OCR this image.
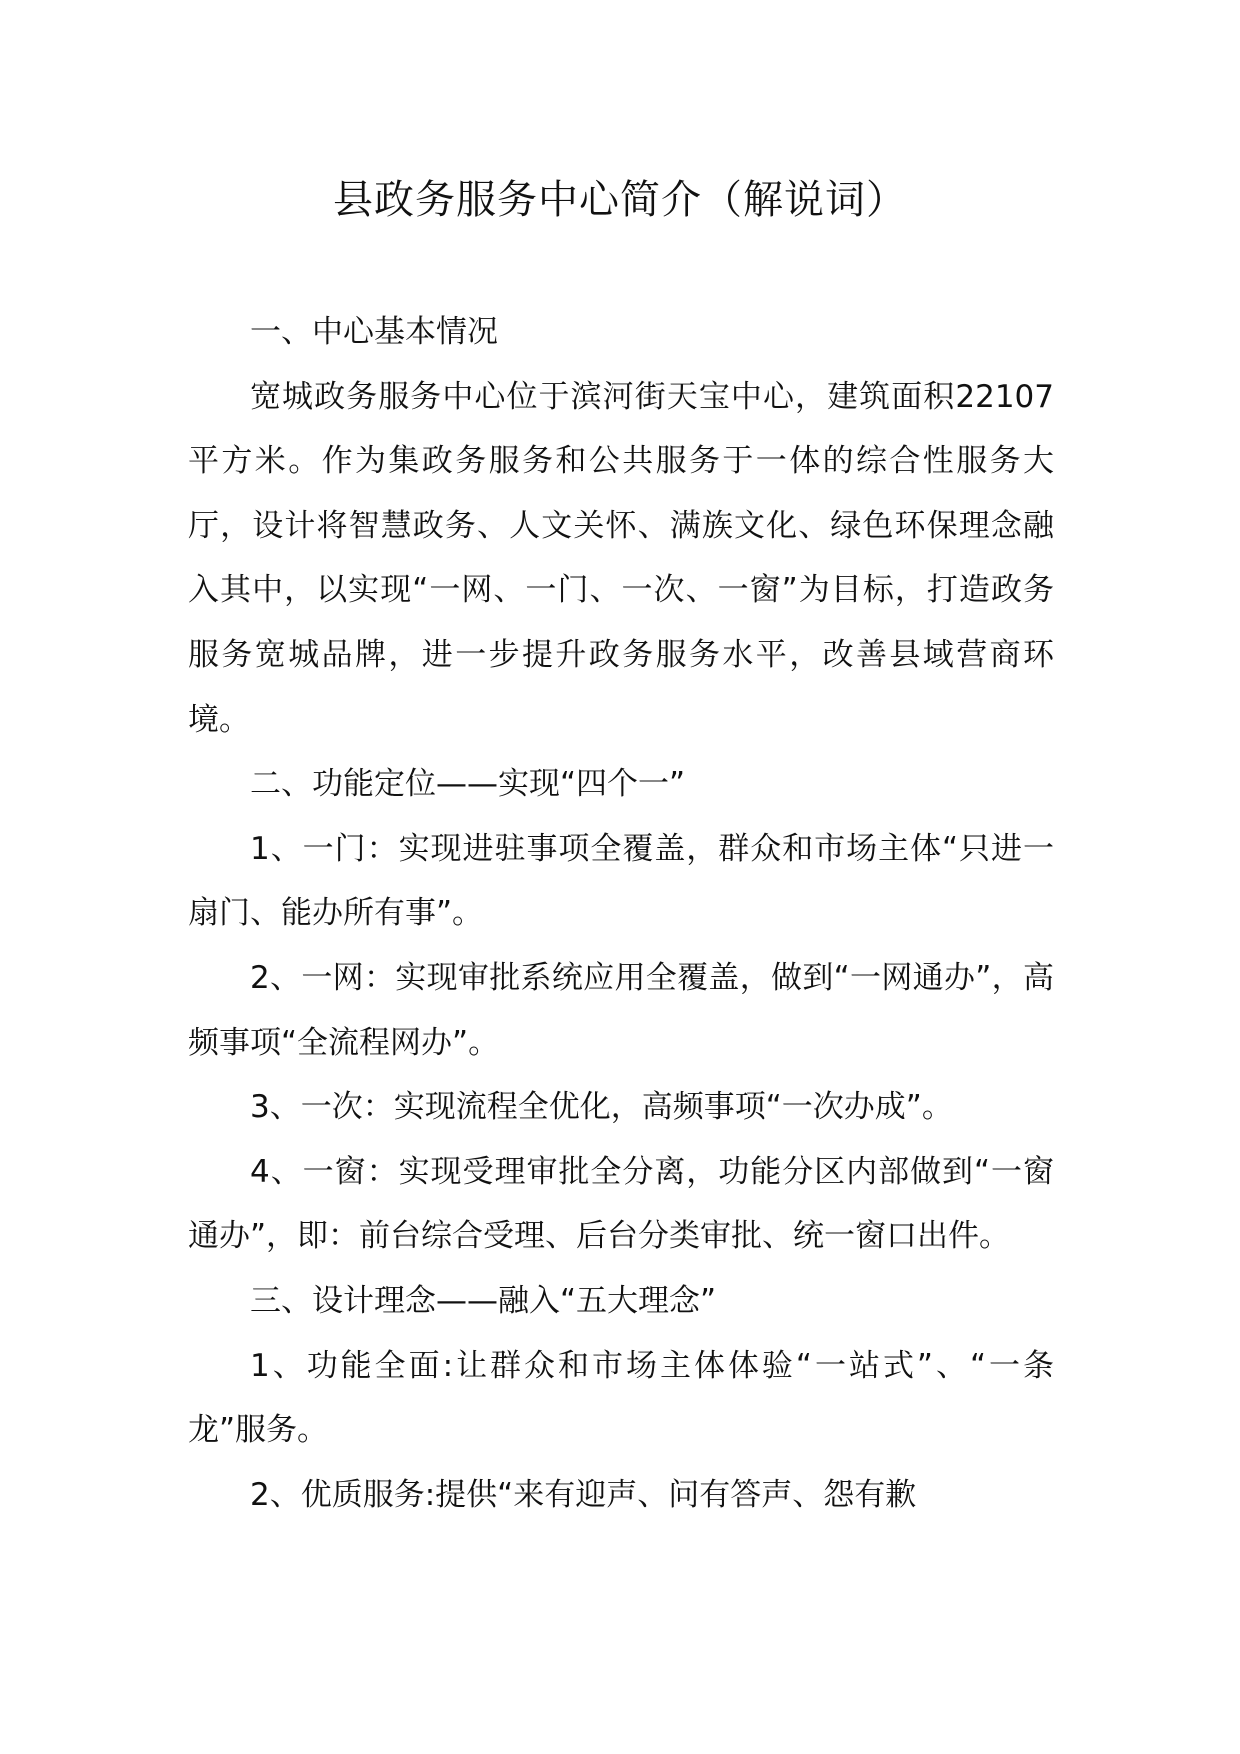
县政务服务中心简介（解说词）

一、中心基本情况

宽城政务服务中心位于滨河街天宝中心，建筑面积22107平方米。作为集政务服务和公共服务于一体的综合性服务大厅，设计将智慧政务、人文关怀、满族文化、绿色环保理念融入其中，以实现“一网、一门、一次、一窗”为目标，打造政务服务宽城品牌，进一步提升政务服务水平，改善县域营商环境。

二、功能定位——实现“四个一”

1、一门：实现进驻事项全覆盖，群众和市场主体“只进一扇门、能办所有事”。

2、一网：实现审批系统应用全覆盖，做到“一网通办”，高频事项“全流程网办”。

3、一次：实现流程全优化，高频事项“一次办成”。

4、一窗：实现受理审批全分离，功能分区内部做到“一窗通办”，即：前台综合受理、后台分类审批、统一窗口出件。

三、设计理念——融入“五大理念”

1、功能全面:让群众和市场主体体验“一站式”、“一条龙”服务。

2、优质服务:提供“来有迎声、问有答声、怨有歉
